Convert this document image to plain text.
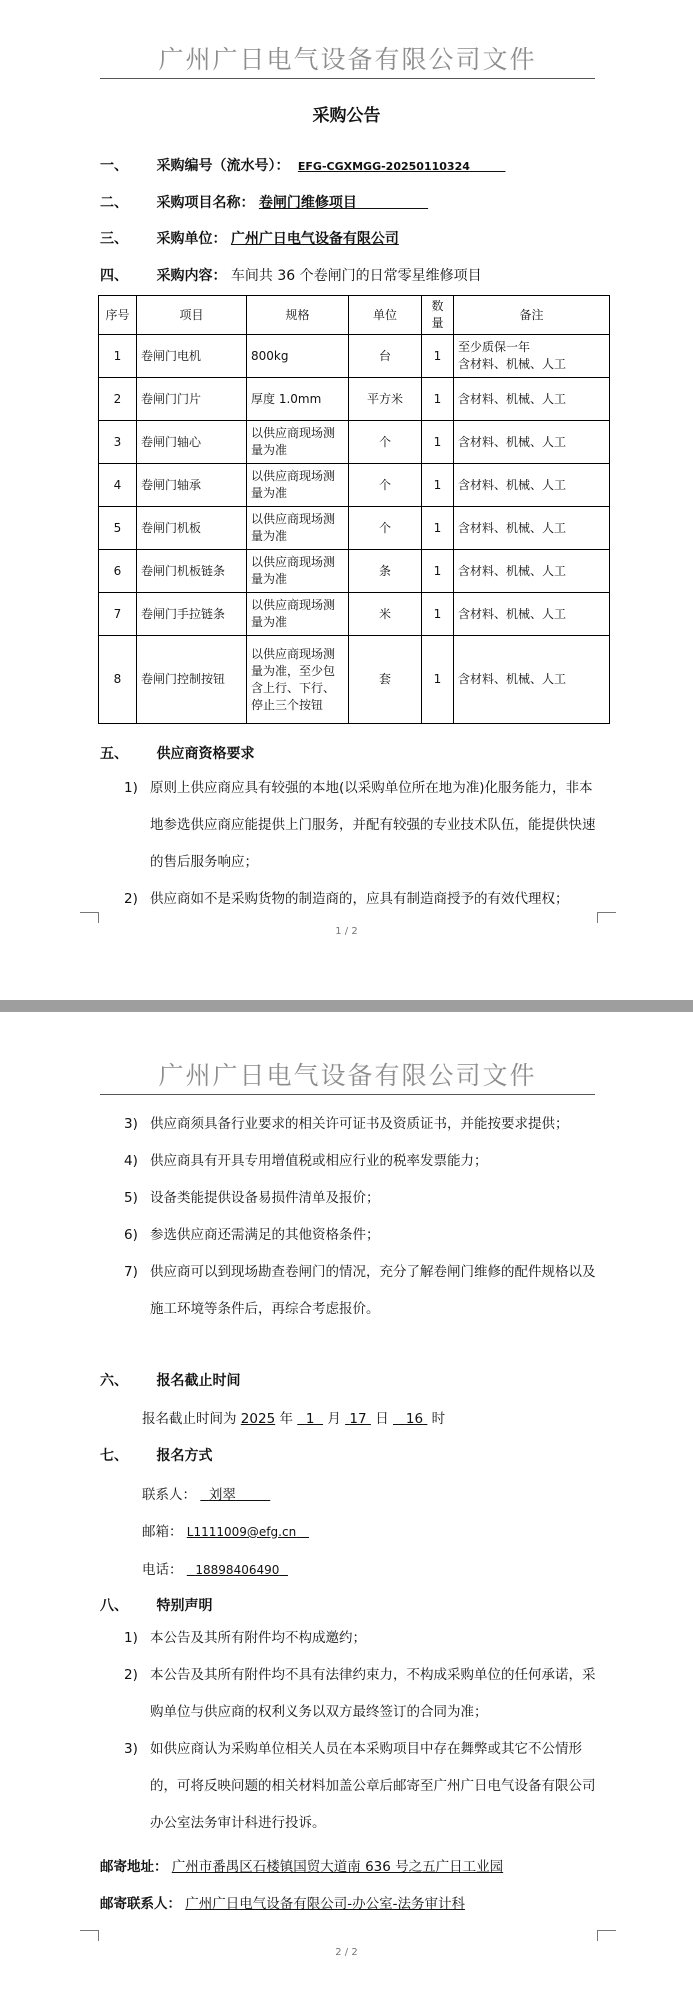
广州广日电气设备有限公司文件
采购公告
一、 采购编号（流水号）： EFG-CGXMGG-20250110324
二、 采购项目名称： 卷闸门维修项目
三、 采购单位： 广州广日电气设备有限公司
四、 采购内容： 车间共 36 个卷闸门的日常零星维修项目
序号	项目	规格	单位	数量	备注
1	卷闸门电机	800kg	台	1	至少质保一年
含材料、机械、人工
2	卷闸门门片	厚度 1.0mm	平方米	1	含材料、机械、人工
3	卷闸门轴心	以供应商现场测量为准	个	1	含材料、机械、人工
4	卷闸门轴承	以供应商现场测量为准	个	1	含材料、机械、人工
5	卷闸门机板	以供应商现场测量为准	个	1	含材料、机械、人工
6	卷闸门机板链条	以供应商现场测量为准	条	1	含材料、机械、人工
7	卷闸门手拉链条	以供应商现场测量为准	米	1	含材料、机械、人工
8	卷闸门控制按钮	以供应商现场测量为准，至少包含上行、下行、停止三个按钮	套	1	含材料、机械、人工
五、 供应商资格要求
1) 原则上供应商应具有较强的本地(以采购单位所在地为准)化服务能力，非本地参选供应商应能提供上门服务，并配有较强的专业技术队伍，能提供快速的售后服务响应；
2) 供应商如不是采购货物的制造商的，应具有制造商授予的有效代理权；
1 / 2
广州广日电气设备有限公司文件
3) 供应商须具备行业要求的相关许可证书及资质证书，并能按要求提供；
4) 供应商具有开具专用增值税或相应行业的税率发票能力；
5) 设备类能提供设备易损件清单及报价；
6) 参选供应商还需满足的其他资格条件；
7) 供应商可以到现场勘查卷闸门的情况，充分了解卷闸门维修的配件规格以及施工环境等条件后，再综合考虑报价。
六、 报名截止时间
报名截止时间为 2025 年 1 月 17 日 16 时
七、 报名方式
联系人： 刘翠
邮箱： L1111009@efg.cn
电话： 18898406490
八、 特别声明
1) 本公告及其所有附件均不构成邀约；
2) 本公告及其所有附件均不具有法律约束力，不构成采购单位的任何承诺，采购单位与供应商的权利义务以双方最终签订的合同为准；
3) 如供应商认为采购单位相关人员在本采购项目中存在舞弊或其它不公情形的，可将反映问题的相关材料加盖公章后邮寄至广州广日电气设备有限公司办公室法务审计科进行投诉。
邮寄地址： 广州市番禺区石楼镇国贸大道南 636 号之五广日工业园
邮寄联系人： 广州广日电气设备有限公司-办公室-法务审计科
2 / 2
